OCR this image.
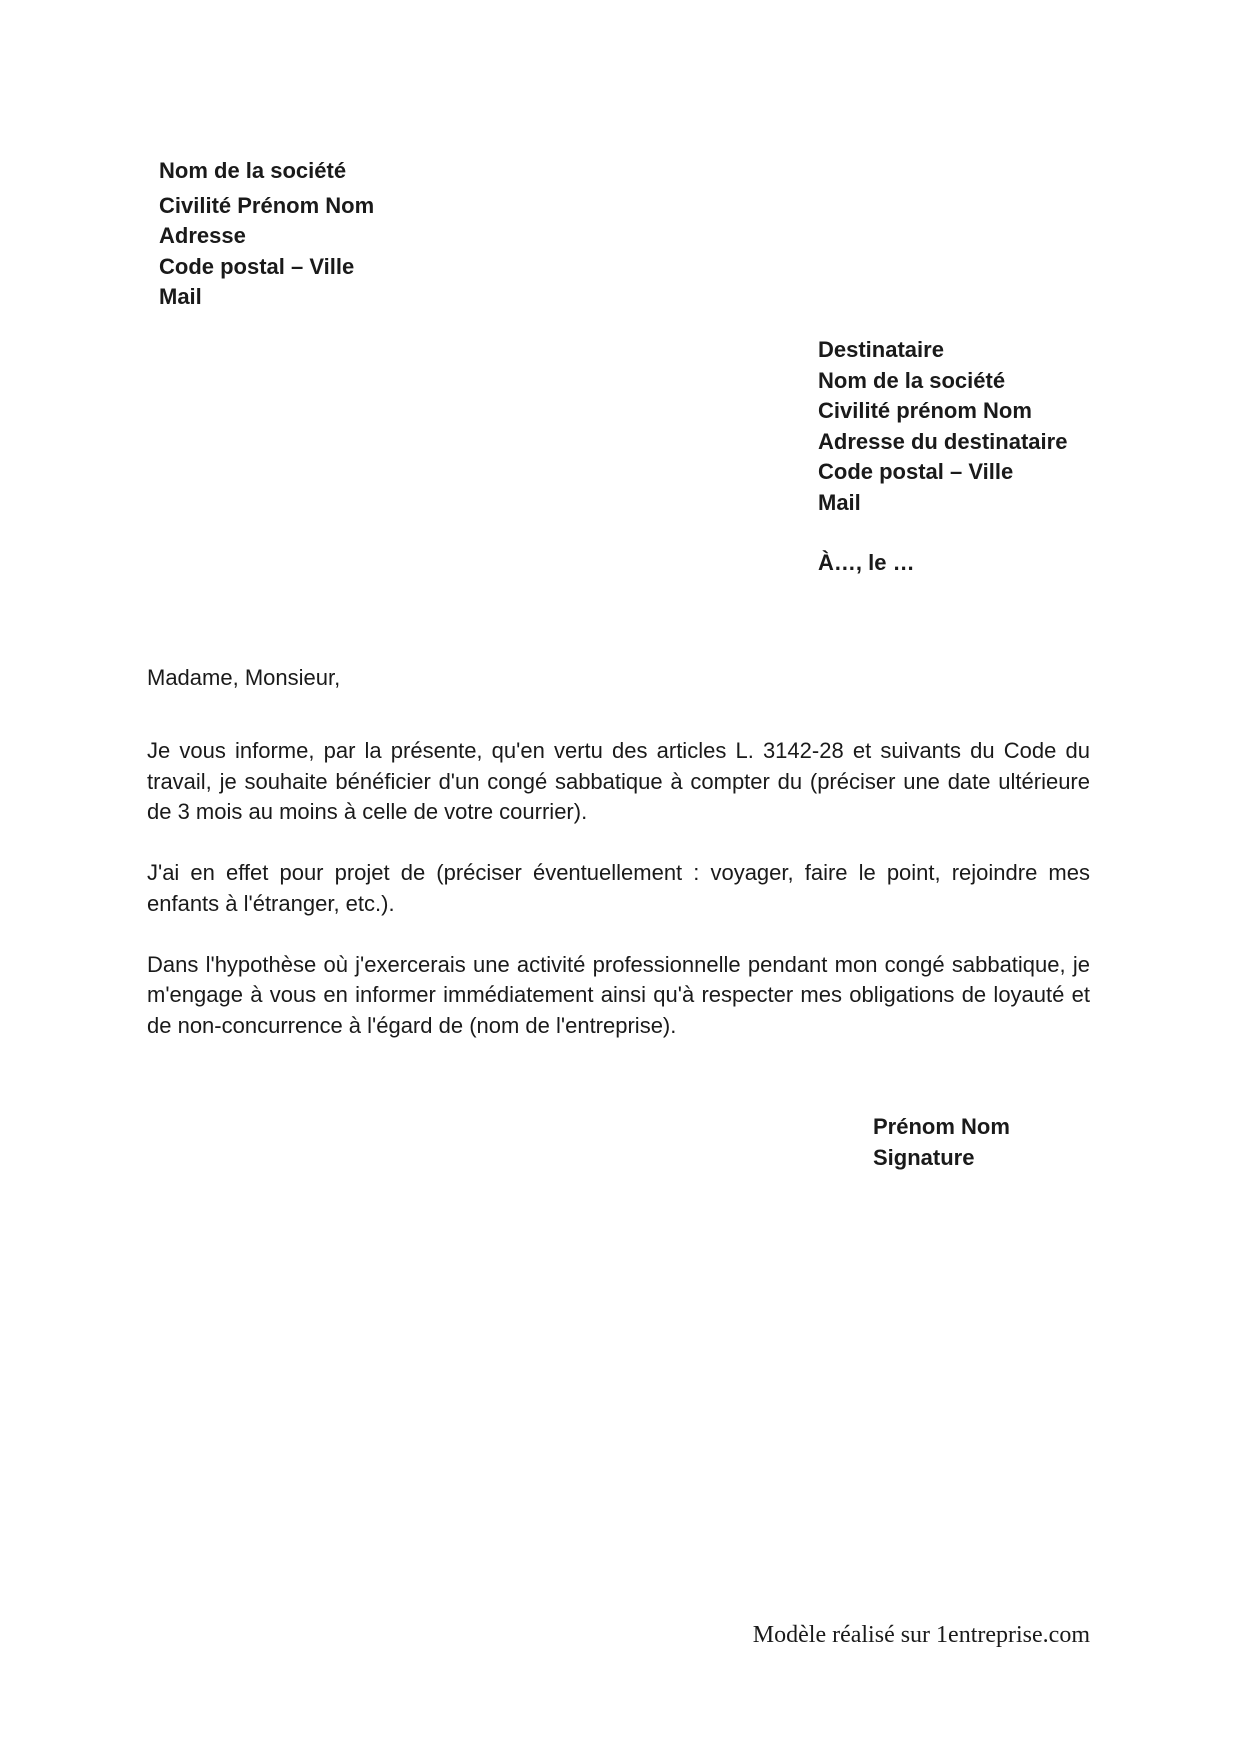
Nom de la société
Civilité Prénom Nom
Adresse
Code postal – Ville
Mail
Destinataire
Nom de la société
Civilité prénom Nom
Adresse du destinataire
Code postal – Ville
Mail
À…, le …
Madame, Monsieur,

Je vous informe, par la présente, qu'en vertu des articles L. 3142-28 et suivants du Code du travail, je souhaite bénéficier d'un congé sabbatique à compter du (préciser une date ultérieure de 3 mois au moins à celle de votre courrier).

J'ai en effet pour projet de (préciser éventuellement : voyager, faire le point, rejoindre mes enfants à l'étranger, etc.).

Dans l'hypothèse où j'exercerais une activité professionnelle pendant mon congé sabbatique, je m'engage à vous en informer immédiatement ainsi qu'à respecter mes obligations de loyauté et de non-concurrence à l'égard de (nom de l'entreprise).

Prénom Nom
Signature
Modèle réalisé sur 1entreprise.com
